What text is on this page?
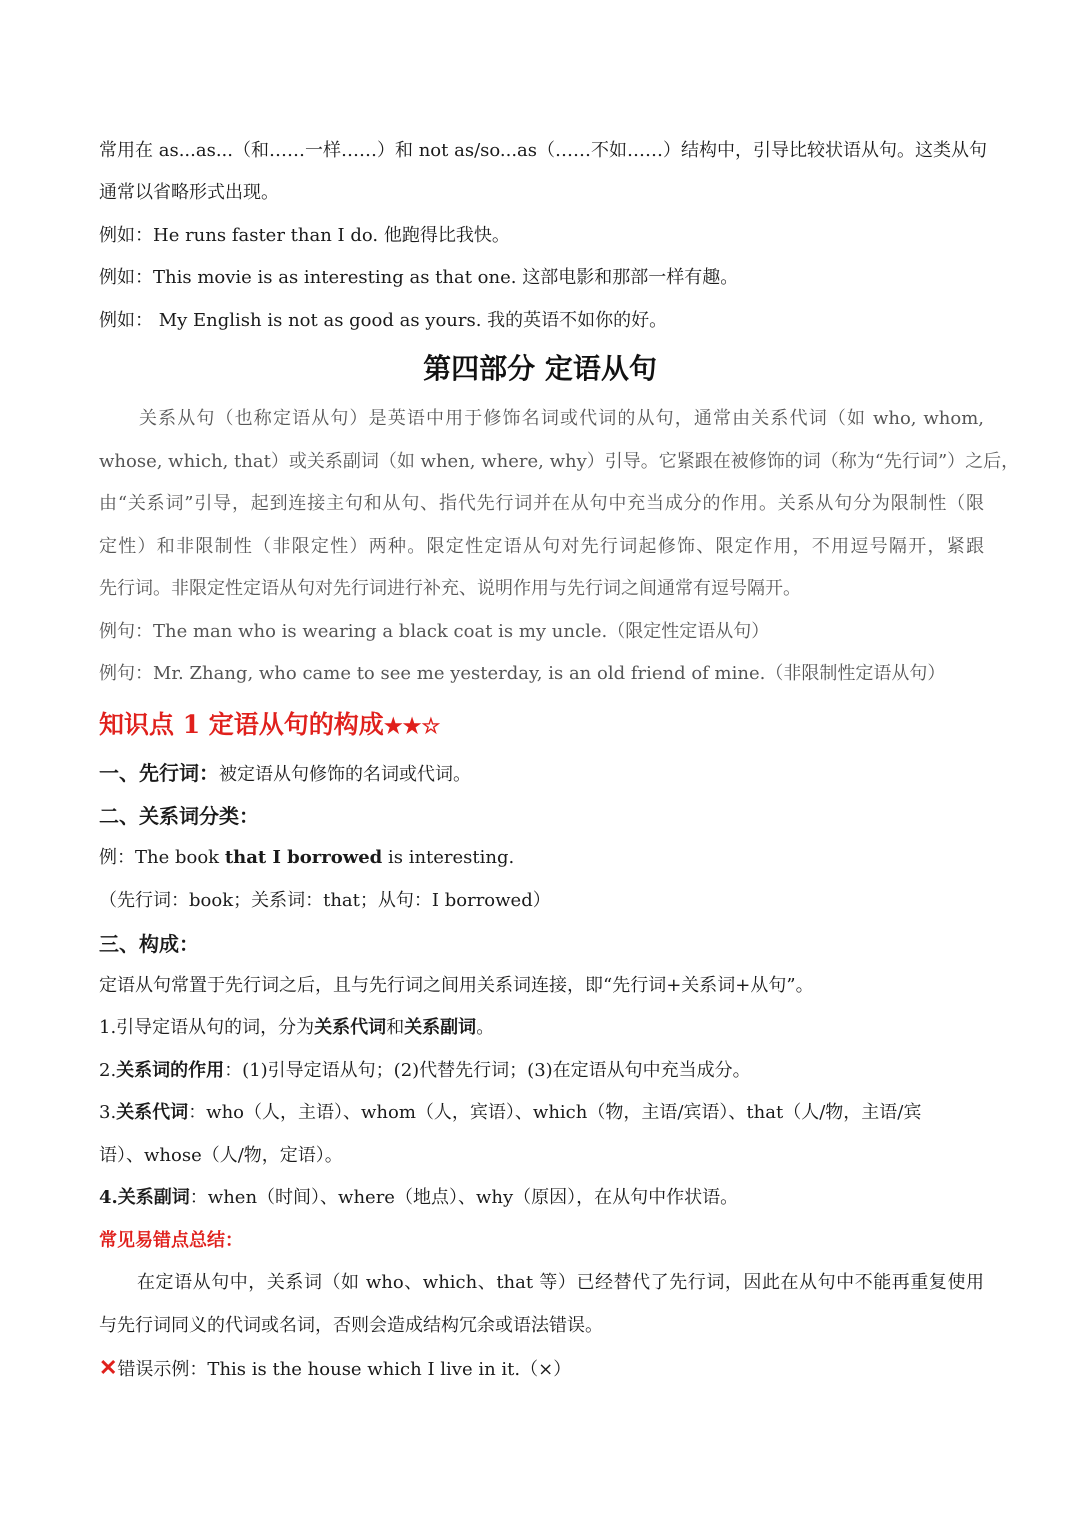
常用在 as...as...（和……一样……）和 not as/so...as（……不如……）结构中，引导比较状语从句。这类从句
通常以省略形式出现。
例如：He runs faster than I do. 他跑得比我快。
例如：This movie is as interesting as that one. 这部电影和那部一样有趣。
例如： My English is not as good as yours. 我的英语不如你的好。
第四部分 定语从句
关系从句（也称定语从句）是英语中用于修饰名词或代词的从句，通常由关系代词（如 who, whom,
whose, which, that）或关系副词（如 when, where, why）引导。它紧跟在被修饰的词（称为“先行词”）之后，
由“关系词”引导，起到连接主句和从句、指代先行词并在从句中充当成分的作用。关系从句分为限制性（限
定性）和非限制性（非限定性）两种。限定性定语从句对先行词起修饰、限定作用，不用逗号隔开，紧跟
先行词。非限定性定语从句对先行词进行补充、说明作用与先行词之间通常有逗号隔开。
例句：The man who is wearing a black coat is my uncle.（限定性定语从句）
例句：Mr. Zhang, who came to see me yesterday, is an old friend of mine.（非限制性定语从句）
知识点 1 定语从句的构成★★☆
一、先行词：被定语从句修饰的名词或代词。
二、关系词分类：
例：The book that I borrowed is interesting.
（先行词：book；关系词：that；从句：I borrowed）
三、构成：
定语从句常置于先行词之后，且与先行词之间用关系词连接，即“先行词+关系词+从句”。
1.引导定语从句的词，分为关系代词和关系副词。
2.关系词的作用：(1)引导定语从句；(2)代替先行词；(3)在定语从句中充当成分。
3.关系代词：who（人，主语）、whom（人，宾语）、which（物，主语/宾语）、that（人/物，主语/宾
语）、whose（人/物，定语）。
4.关系副词：when（时间）、where（地点）、why（原因），在从句中作状语。
常见易错点总结：
在定语从句中，关系词（如 who、which、that 等）已经替代了先行词，因此在从句中不能再重复使用
与先行词同义的代词或名词，否则会造成结构冗余或语法错误。
✕错误示例：This is the house which I live in it.（×）
